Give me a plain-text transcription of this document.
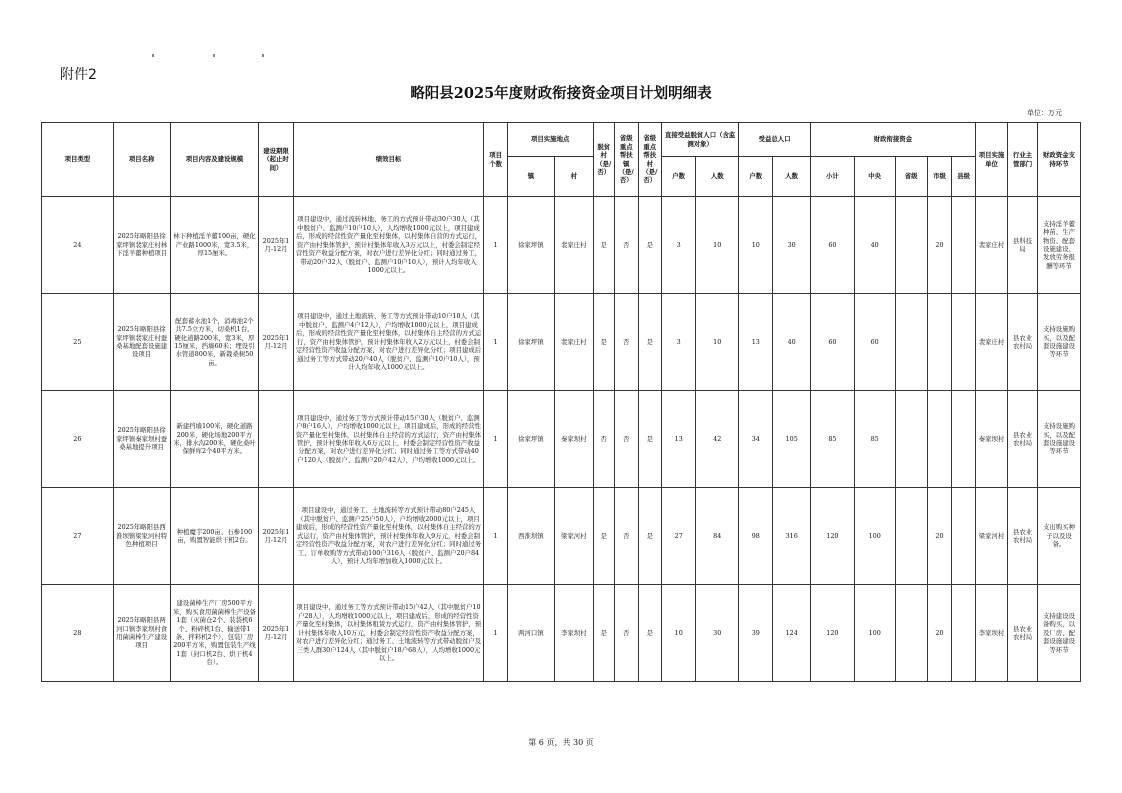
附件2
略阳县2025年度财政衔接资金项目计划明细表
单位：万元
项目类型	项目名称	项目内容及建设规模	建设期限（起止时间）	绩效目标	项目个数	项目实施地点		脱贫村（是/否）	省级重点帮扶镇（是/否）	省级重点帮扶村（是/否）	直接受益脱贫人口（含监测对象）		受益总人口		财政衔接资金					项目实施单位	行业主管部门	财政资金支持环节
						镇	村				户数	人数	户数	人数	小计	中央	省级	市级	县级			
24	2025年略阳县徐家坪镇裴家庄村林下淫羊藿种植项目	林下种植淫羊藿100亩，硬化产业路1000米，宽3.5米，厚15厘米。	2025年1月-12月	项目建设中，通过流转林地、务工的方式预计带动30户30人（其中脱贫户、监测户10户10人），人均增收1000元以上，项目建成后，形成的经营性资产量化至村集体，以村集体自营的方式运行，资产由村集体管护，预计村集体年收入3万元以上，村委会制定经营性资产收益分配方案，对农户进行差异化分红；同时通过务工，带动20户32人（脱贫户、监测户10户10人），预计人均年收入1000元以上。	1	徐家坪镇	裴家庄村	是	否	是	3	10	10	30	60	40		20		裴家庄村	县科技局	支持淫羊藿种苗、生产物资、配套设施建设、发放劳务报酬等环节
25	2025年略阳县徐家坪镇裴家庄村蚕桑基地配套设施建设项目	配套蓄水池1个，消毒池2个共7.5立方米，切桑机1台，硬化道路200米，宽3米，厚15厘米，挡墙60米；埋设引水管道800米，新栽桑树50亩。	2025年1月-12月	项目建设中，通过土地流转、务工等方式预计带动10户10人（其中脱贫户、监测户4户12人），户均增收1000元以上，项目建成后，形成的经营性资产量化至村集体，以村集体自主经营的方式运行，资产由村集体管护，预计村集体年收入2万元以上，村委会制定经营性资产收益分配方案，对农户进行差异化分红；项目建成后通过务工等方式带动20户40人（脱贫户、监测户10户10人），预计人均年收入1000元以上。	1	徐家坪镇	裴家庄村	是	否	是	3	10	13	40	60	60				裴家庄村	县农业农村局	支持设施购买，以及配套设施建设等环节
26	2025年略阳县徐家坪镇秦家坝村蚕桑基地提升项目	新建挡墙100米，硬化道路200米，硬化场地200平方米，排水沟200米，硬化桑叶保鲜库2个40平方米。		项目建设中，通过务工等方式预计带动15户30人（脱贫户、监测户8户16人），户均增收1000元以上，项目建成后，形成的经营性资产量化至村集体，以村集体自主经营的方式运行，资产由村集体管护，预计村集体年收入6万元以上，村委会制定经营性资产收益分配方案，对农户进行差异化分红；同时通过务工等方式带动40户120人（脱贫户、监测户20户42人），户均增收1000元以上。	1	徐家坪镇	秦家坝村	否	否	是	13	42	34	105	85	85				秦家坝村	县农业农村局	支持设施购买，以及配套设施建设等环节
27	2025年略阳县西淮坝镇梁家河村特色种植项目	种植魔芋200亩、石参100亩，购置智能烘干机2台。	2025年1月-12月	项目建设中，通过务工、土地流转等方式预计带动80户245人（其中脱贫户、监测户25户50人），户均增收2000元以上，项目建成后，形成的经营性资产量化至村集体，以村集体自主经营的方式运行，资产由村集体管护，预计村集体年收入9万元，村委会制定经营性资产收益分配方案，对农户进行差异化分红；同时通过务工、订单收购等方式带动100户316人（脱贫户、监测户20户84人），预计人均年增加收入1000元以上。	1	西淮坝镇	梁家河村	是	否	是	27	84	98	316	120	100		20		梁家河村	县农业农村局	支出购买种子以及设备。
28	2025年略阳县两河口镇李家坝村食用菌菌棒生产建设项目	建设菌棒生产厂房500平方米，购买食用菌菌棒生产设备1套（灭菌仓2个、装袋机6个、粉碎机1台、输送带1条、拌料机2个），包装厂房200平方米，购置包装生产线1套（封口机2台、烘干机4台）。	2025年1月-12月	项目建设中，通过务工等方式预计带动15户42人（其中脱贫户10户28人），人均增收1000元以上，项目建成后，形成的经营性资产量化至村集体，以村集体租赁方式运行，资产由村集体管护，预计村集体年收入10万元，村委会制定经营性资产收益分配方案，对农户进行差异化分红；通过务工、土地流转等方式带动脱贫户及三类人群30户124人（其中脱贫户18户68人），人均增收1000元以上。	1	两河口镇	李家坝村	是	否	是	10	30	39	124	120	100		20		李家坝村	县农业农村局	支持建设设备购买，以及厂房、配套设施建设等环节
第 6 页，共 30 页
